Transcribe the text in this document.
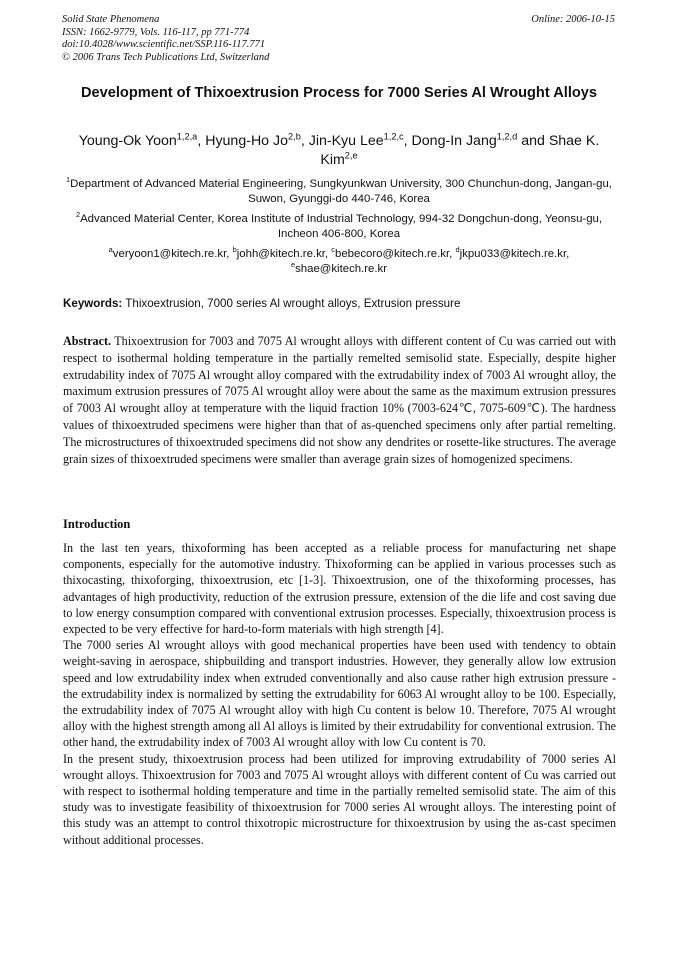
Solid State Phenomena
ISSN: 1662-9779, Vols. 116-117, pp 771-774
doi:10.4028/www.scientific.net/SSP.116-117.771
© 2006 Trans Tech Publications Ltd, Switzerland
Online: 2006-10-15
Development of Thixoextrusion Process for 7000 Series Al Wrought Alloys
Young-Ok Yoon$^{1,2,a}$, Hyung-Ho Jo$^{2,b}$, Jin-Kyu Lee$^{1,2,c}$, Dong-In Jang$^{1,2,d}$ and Shae K. Kim$^{2,e}$

$^1$Department of Advanced Material Engineering, Sungkyunkwan University, 300 Chunchun-dong, Jangan-gu, Suwon, Gyunggi-do 440-746, Korea

$^2$Advanced Material Center, Korea Institute of Industrial Technology, 994-32 Dongchun-dong, Yeonsu-gu, Incheon 406-800, Korea

$^a$veryoon1@kitech.re.kr, $^b$johh@kitech.re.kr, $^c$bebecoro@kitech.re.kr, $^d$jkpu033@kitech.re.kr,
$^e$shae@kitech.re.kr

Keywords: Thixoextrusion, 7000 series Al wrought alloys, Extrusion pressure
Abstract. Thixoextrusion for 7003 and 7075 Al wrought alloys with different content of Cu was carried out with respect to isothermal holding temperature in the partially remelted semisolid state. Especially, despite higher extrudability index of 7075 Al wrought alloy compared with the extrudability index of 7003 Al wrought alloy, the maximum extrusion pressures of 7075 Al wrought alloy were about the same as the maximum extrusion pressures of 7003 Al wrought alloy at temperature with the liquid fraction 10% (7003-624℃, 7075-609℃). The hardness values of thixoextruded specimens were higher than that of as-quenched specimens only after partial remelting. The microstructures of thixoextruded specimens did not show any dendrites or rosette-like structures. The average grain sizes of thixoextruded specimens were smaller than average grain sizes of homogenized specimens.
Introduction

In the last ten years, thixoforming has been accepted as a reliable process for manufacturing net shape components, especially for the automotive industry. Thixoforming can be applied in various processes such as thixocasting, thixoforging, thixoextrusion, etc [1-3]. Thixoextrusion, one of the thixoforming processes, has advantages of high productivity, reduction of the extrusion pressure, extension of the die life and cost saving due to low energy consumption compared with conventional extrusion processes. Especially, thixoextrusion process is expected to be very effective for hard-to-form materials with high strength [4].

The 7000 series Al wrought alloys with good mechanical properties have been used with tendency to obtain weight-saving in aerospace, shipbuilding and transport industries. However, they generally allow low extrusion speed and low extrudability index when extruded conventionally and also cause rather high extrusion pressure - the extrudability index is normalized by setting the extrudability for 6063 Al wrought alloy to be 100. Especially, the extrudability index of 7075 Al wrought alloy with high Cu content is below 10. Therefore, 7075 Al wrought alloy with the highest strength among all Al alloys is limited by their extrudability for conventional extrusion. The other hand, the extrudability index of 7003 Al wrought alloy with low Cu content is 70.

In the present study, thixoextrusion process had been utilized for improving extrudability of 7000 series Al wrought alloys. Thixoextrusion for 7003 and 7075 Al wrought alloys with different content of Cu was carried out with respect to isothermal holding temperature and time in the partially remelted semisolid state. The aim of this study was to investigate feasibility of thixoextrusion for 7000 series Al wrought alloys. The interesting point of this study was an attempt to control thixotropic microstructure for thixoextrusion by using the as-cast specimen without additional processes.
